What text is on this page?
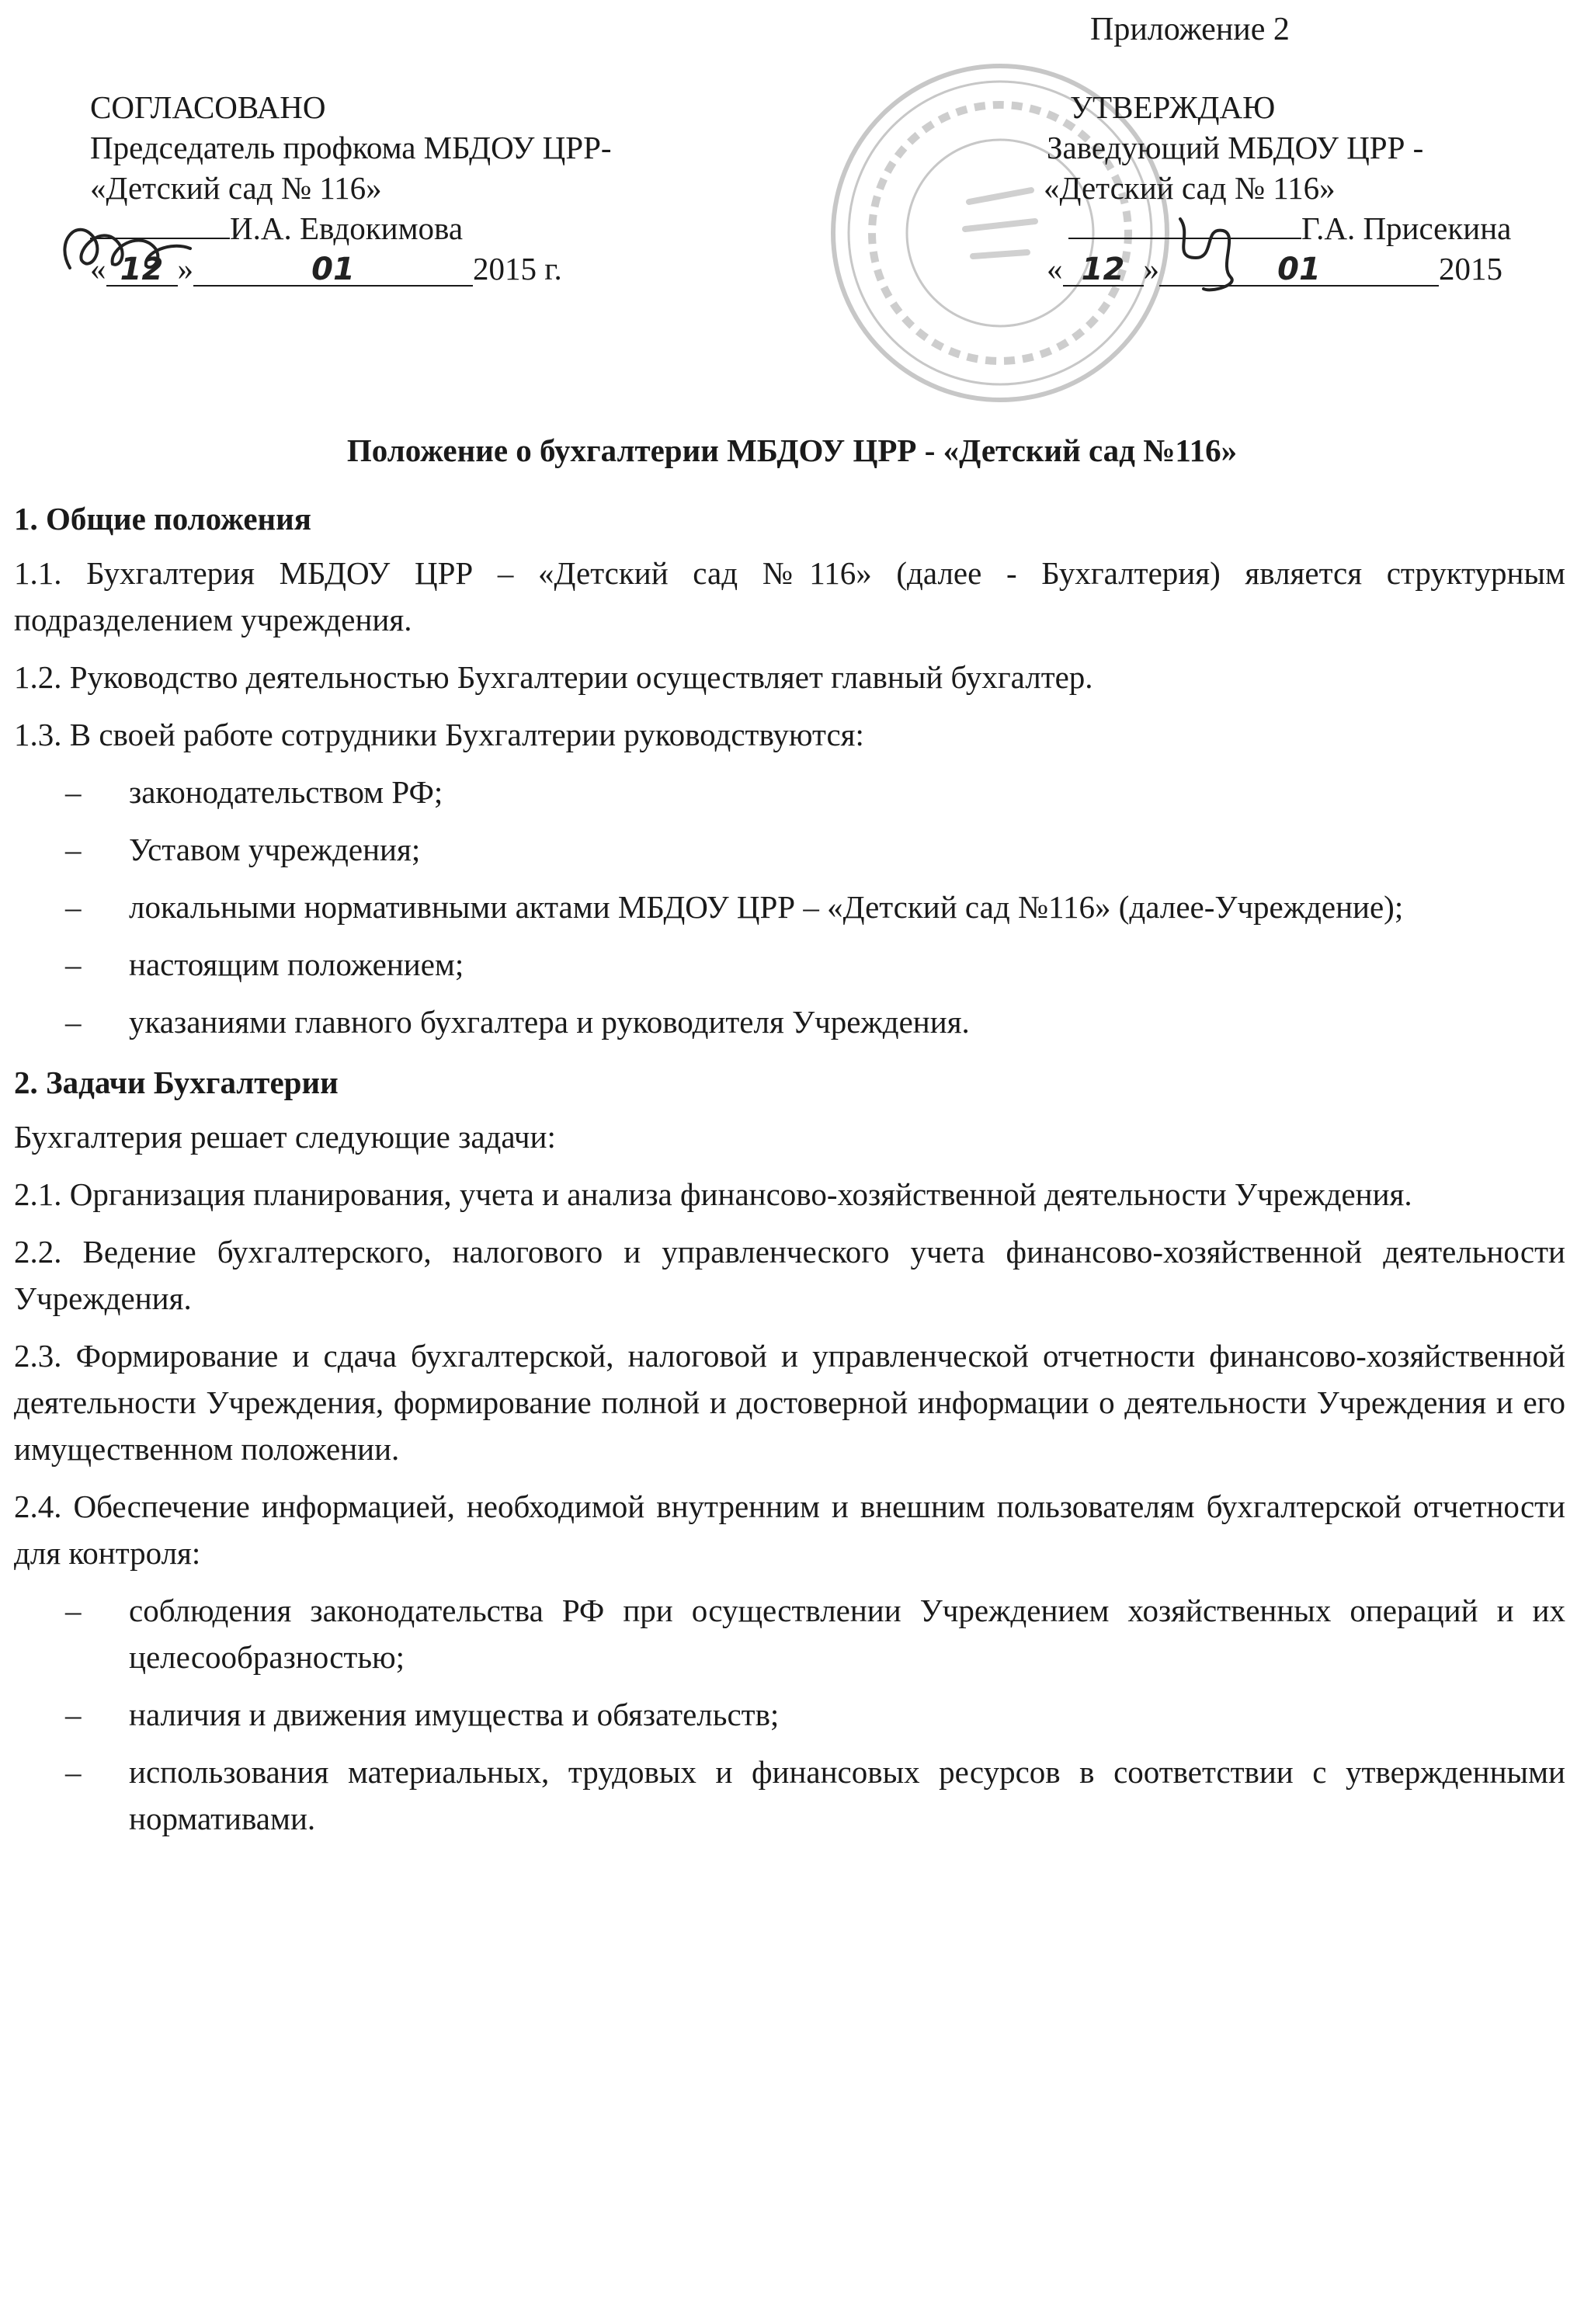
Приложение 2
СОГЛАСОВАНО
Председатель профкома МБДОУ ЦРР-
«Детский сад № 116»
И.А. Евдокимова
« 12 »	01	2015 г.
УТВЕРЖДАЮ
Заведующий МБДОУ ЦРР -
«Детский сад № 116»
Г.А. Присекина
« 12 »	01	2015
Положение о бухгалтерии МБДОУ ЦРР - «Детский сад №116»

1. Общие положения

1.1. Бухгалтерия МБДОУ ЦРР – «Детский сад №116» (далее - Бухгалтерия) является структурным подразделением учреждения.

1.2. Руководство деятельностью Бухгалтерии осуществляет главный бухгалтер.

1.3. В своей работе сотрудники Бухгалтерии руководствуются:

– законодательством РФ;
– Уставом учреждения;
– локальными нормативными актами МБДОУ ЦРР – «Детский сад №116» (далее-Учреждение);
– настоящим положением;
– указаниями главного бухгалтера и руководителя Учреждения.

2. Задачи Бухгалтерии

Бухгалтерия решает следующие задачи:

2.1. Организация планирования, учета и анализа финансово-хозяйственной деятельности Учреждения.

2.2. Ведение бухгалтерского, налогового и управленческого учета финансово-хозяйственной деятельности Учреждения.

2.3. Формирование и сдача бухгалтерской, налоговой и управленческой отчетности финансово-хозяйственной деятельности Учреждения, формирование полной и достоверной информации о деятельности Учреждения и его имущественном положении.

2.4. Обеспечение информацией, необходимой внутренним и внешним пользователям бухгалтерской отчетности для контроля:

– соблюдения законодательства РФ при осуществлении Учреждением хозяйственных операций и их целесообразностью;
– наличия и движения имущества и обязательств;
– использования материальных, трудовых и финансовых ресурсов в соответствии с утвержденными нормативами.
